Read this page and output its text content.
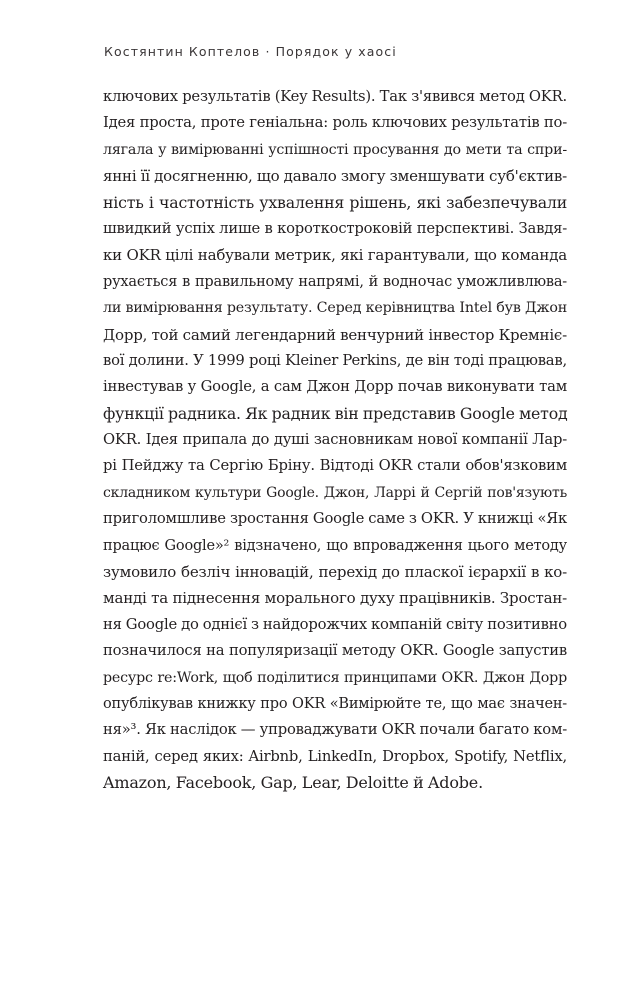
Костянтин Коптелов · Порядок у хаосі
ключових результатів (Key Results). Так з'явився метод OKR.
Ідея проста, проте геніальна: роль ключових результатів по-
лягала у вимірюванні успішності просування до мети та спри-
янні її досягненню, що давало змогу зменшувати суб'єктив-
ність і частотність ухвалення рішень, які забезпечували
швидкий успіх лише в короткостроковій перспективі. Завдя-
ки OKR цілі набували метрик, які гарантували, що команда
рухається в правильному напрямі, й водночас уможливлюва-
ли вимірювання результату. Серед керівництва Intel був Джон
Дорр, той самий легендарний венчурний інвестор Кремніє-
вої долини. У 1999 році Kleiner Perkins, де він тоді працював,
інвестував у Google, а сам Джон Дорр почав виконувати там
функції радника. Як радник він представив Google метод
OKR. Ідея припала до душі засновникам нової компанії Лар-
рі Пейджу та Сергію Бріну. Відтоді OKR стали обов'язковим
складником культури Google. Джон, Ларрі й Сергій пов'язують
приголомшливе зростання Google саме з OKR. У книжці «Як
працює Google»² відзначено, що впровадження цього методу
зумовило безліч інновацій, перехід до пласкої ієрархії в ко-
манді та піднесення морального духу працівників. Зростан-
ня Google до однієї з найдорожчих компаній світу позитивно
позначилося на популяризації методу OKR. Google запустив
ресурс re:Work, щоб поділитися принципами OKR. Джон Дорр
опублікував книжку про OKR «Вимірюйте те, що має значен-
ня»³. Як наслідок — упроваджувати OKR почали багато ком-
паній, серед яких: Airbnb, LinkedIn, Dropbox, Spotify, Netflix,
Amazon, Facebook, Gap, Lear, Deloitte й Adobe.
